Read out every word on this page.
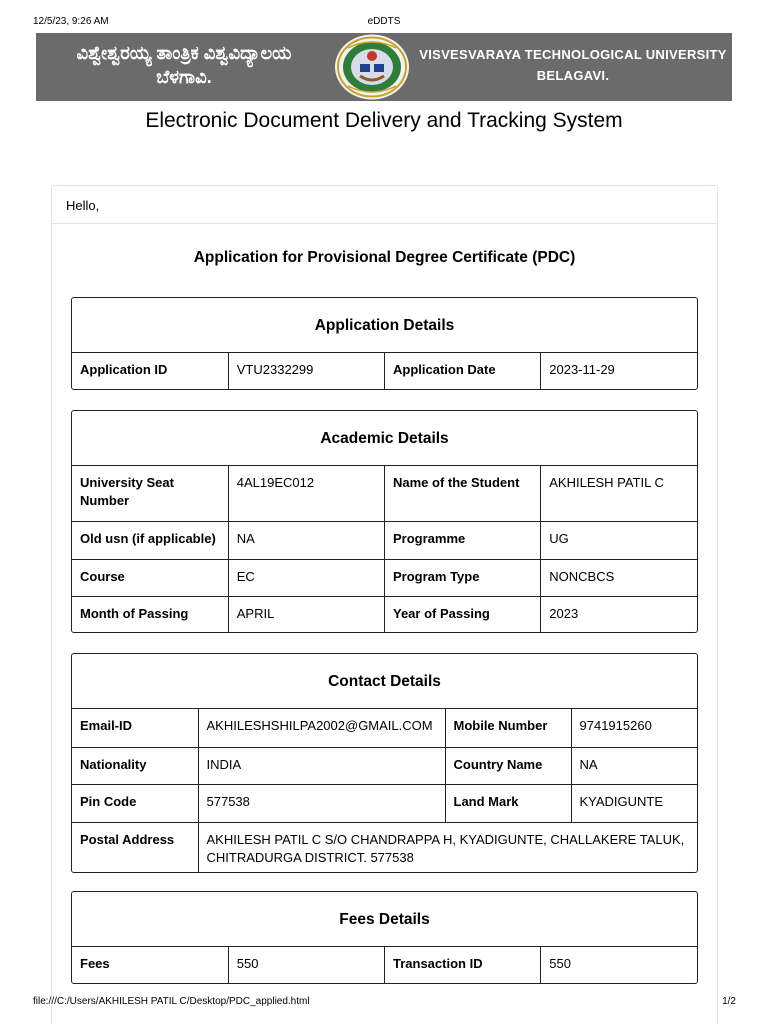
12/5/23, 9:26 AM	eDDTS
ವಿಶ್ವೇಶ್ವರಯ್ಯ ತಾಂತ್ರಿಕ ವಿಶ್ವವಿದ್ಯಾಲಯ
ಬೆಳಗಾವಿ.
VISVESVARAYA TECHNOLOGICAL UNIVERSITY
BELAGAVI.
Electronic Document Delivery and Tracking System
Hello,
Application for Provisional Degree Certificate (PDC)
Application Details
Application ID	VTU2332299	Application Date	2023-11-29
Academic Details
University Seat Number	4AL19EC012	Name of the Student	AKHILESH PATIL C
Old usn (if applicable)	NA	Programme	UG
Course	EC	Program Type	NONCBCS
Month of Passing	APRIL	Year of Passing	2023
Contact Details
Email-ID	AKHILESHSHILPA2002@GMAIL.COM	Mobile Number	9741915260
Nationality	INDIA	Country Name	NA
Pin Code	577538	Land Mark	KYADIGUNTE
Postal Address	AKHILESH PATIL C S/O CHANDRAPPA H, KYADIGUNTE, CHALLAKERE TALUK, CHITRADURGA DISTRICT. 577538		
Fees Details
Fees	550	Transaction ID	550
file:///C:/Users/AKHILESH PATIL C/Desktop/PDC_applied.html	1/2
